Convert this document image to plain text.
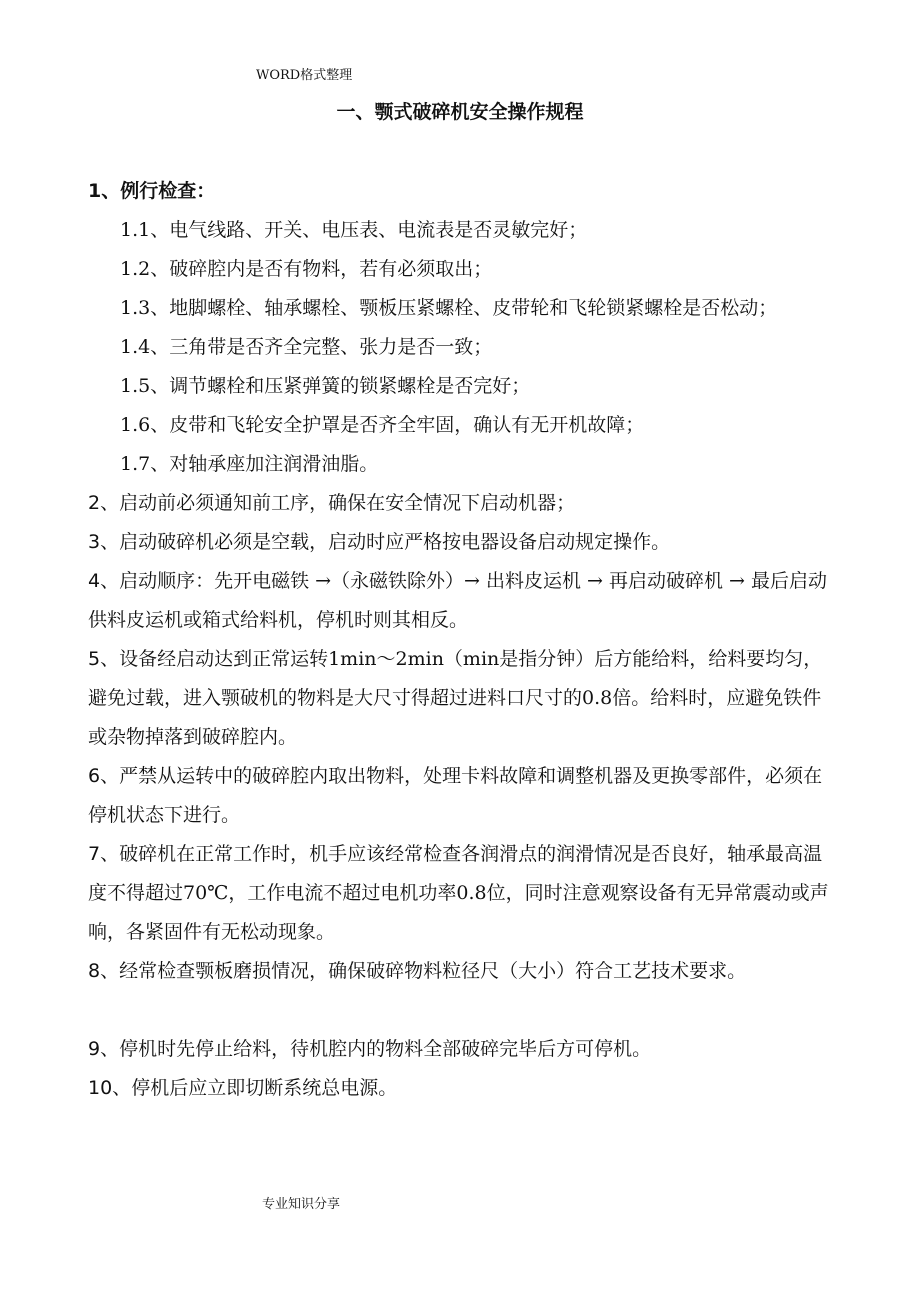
WORD格式整理
一、颚式破碎机安全操作规程

1、例行检查：

1.1、电气线路、开关、电压表、电流表是否灵敏完好；

1.2、破碎腔内是否有物料，若有必须取出；

1.3、地脚螺栓、轴承螺栓、颚板压紧螺栓、皮带轮和飞轮锁紧螺栓是否松动；

1.4、三角带是否齐全完整、张力是否一致；

1.5、调节螺栓和压紧弹簧的锁紧螺栓是否完好；

1.6、皮带和飞轮安全护罩是否齐全牢固，确认有无开机故障；

1.7、对轴承座加注润滑油脂。

2、启动前必须通知前工序，确保在安全情况下启动机器；

3、启动破碎机必须是空载，启动时应严格按电器设备启动规定操作。

4、启动顺序：先开电磁铁 →（永磁铁除外）→ 出料皮运机 → 再启动破碎机 → 最后启动供料皮运机或箱式给料机，停机时则其相反。

5、设备经启动达到正常运转1min～2min（min是指分钟）后方能给料，给料要均匀，避免过载，进入颚破机的物料是大尺寸得超过进料口尺寸的0.8倍。给料时，应避免铁件或杂物掉落到破碎腔内。

6、严禁从运转中的破碎腔内取出物料，处理卡料故障和调整机器及更换零部件，必须在停机状态下进行。

7、破碎机在正常工作时，机手应该经常检查各润滑点的润滑情况是否良好，轴承最高温度不得超过70℃，工作电流不超过电机功率0.8位，同时注意观察设备有无异常震动或声响，各紧固件有无松动现象。

8、经常检查颚板磨损情况，确保破碎物料粒径尺（大小）符合工艺技术要求。

9、停机时先停止给料，待机腔内的物料全部破碎完毕后方可停机。

10、停机后应立即切断系统总电源。

专业知识分享
